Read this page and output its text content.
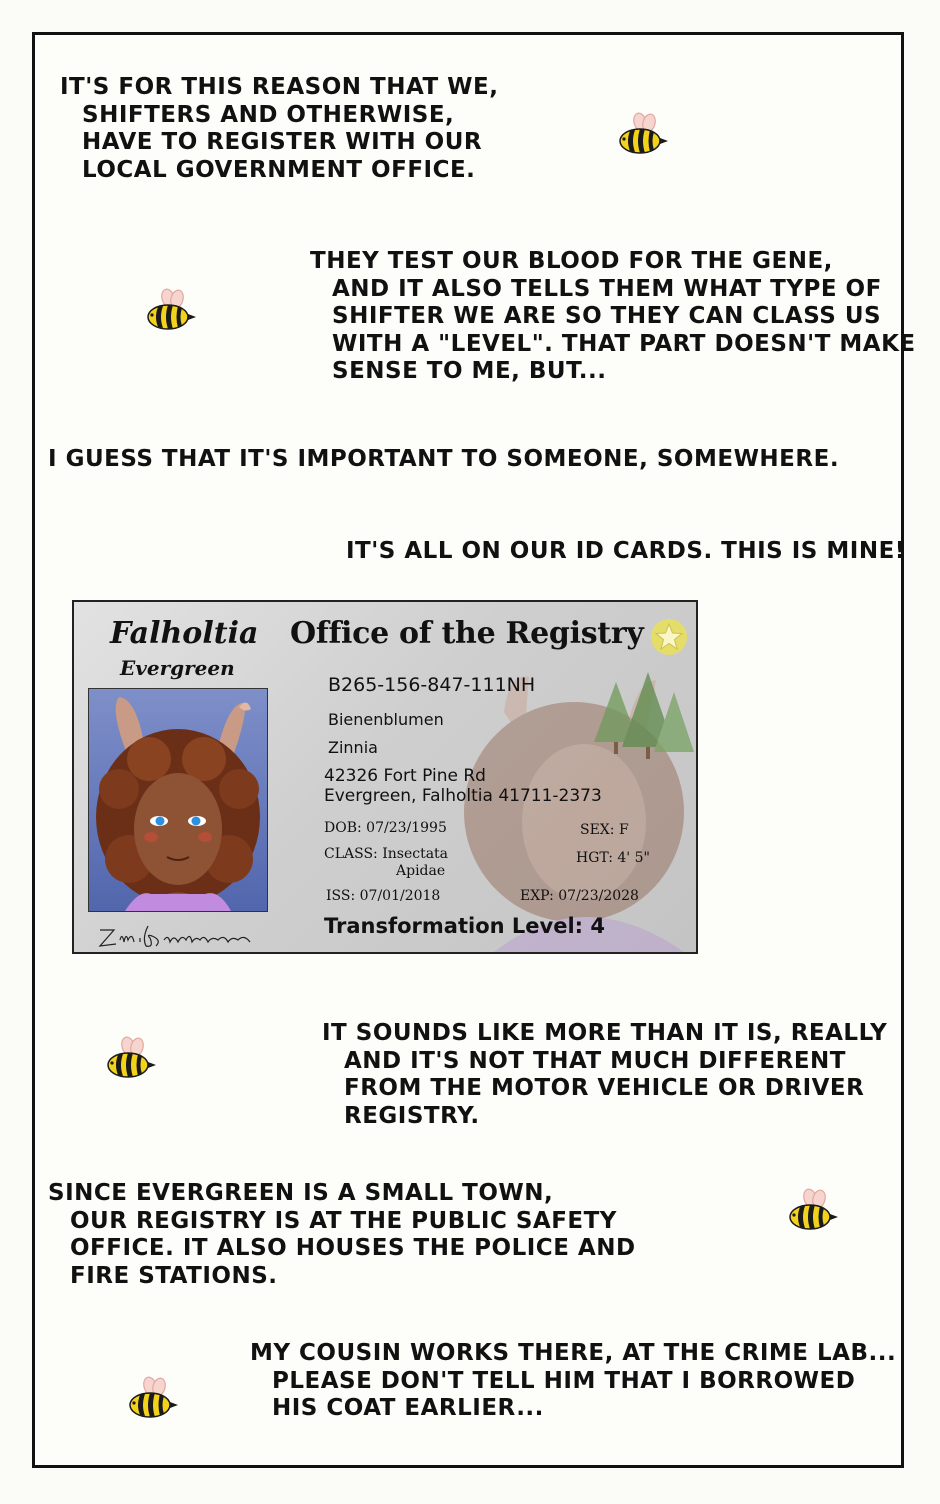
IT'S FOR THIS REASON THAT WE,
SHIFTERS AND OTHERWISE,
HAVE TO REGISTER WITH OUR
LOCAL GOVERNMENT OFFICE.
THEY TEST OUR BLOOD FOR THE GENE,
AND IT ALSO TELLS THEM WHAT TYPE OF
SHIFTER WE ARE SO THEY CAN CLASS US
WITH A "LEVEL". THAT PART DOESN'T MAKE
SENSE TO ME, BUT...
I GUESS THAT IT'S IMPORTANT TO SOMEONE, SOMEWHERE.
IT'S ALL ON OUR ID CARDS. THIS IS MINE!
IT SOUNDS LIKE MORE THAN IT IS, REALLY
AND IT'S NOT THAT MUCH DIFFERENT
FROM THE MOTOR VEHICLE OR DRIVER
REGISTRY.
SINCE EVERGREEN IS A SMALL TOWN,
OUR REGISTRY IS AT THE PUBLIC SAFETY
OFFICE. IT ALSO HOUSES THE POLICE AND
FIRE STATIONS.
MY COUSIN WORKS THERE, AT THE CRIME LAB...
PLEASE DON'T TELL HIM THAT I BORROWED
HIS COAT EARLIER...
Falholtia
Evergreen
Office of the Registry
B265-156-847-111NH
Bienenblumen
Zinnia
42326 Fort Pine Rd
Evergreen, Falholtia 41711-2373
DOB: 07/23/1995	SEX: F
CLASS: Insectata
Apidae
HGT: 4' 5"
ISS: 07/01/2018	EXP: 07/23/2028
Transformation Level: 4
